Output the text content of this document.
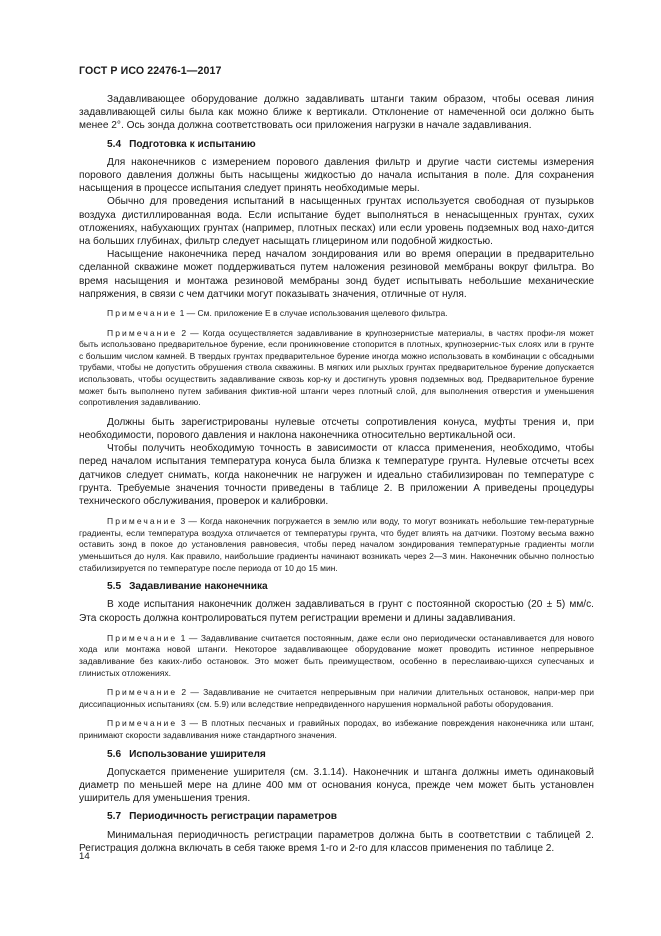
ГОСТ Р ИСО 22476-1—2017

Задавливающее оборудование должно задавливать штанги таким образом, чтобы осевая линия задавливающей силы была как можно ближе к вертикали. Отклонение от намеченной оси должно быть менее 2°. Ось зонда должна соответствовать оси приложения нагрузки в начале задавливания.

5.4 Подготовка к испытанию

Для наконечников с измерением порового давления фильтр и другие части системы измерения порового давления должны быть насыщены жидкостью до начала испытания в поле. Для сохранения насыщения в процессе испытания следует принять необходимые меры.

Обычно для проведения испытаний в насыщенных грунтах используется свободная от пузырьков воздуха дистиллированная вода. Если испытание будет выполняться в ненасыщенных грунтах, сухих отложениях, набухающих грунтах (например, плотных песках) или если уровень подземных вод нахо-дится на больших глубинах, фильтр следует насыщать глицерином или подобной жидкостью.

Насыщение наконечника перед началом зондирования или во время операции в предварительно сделанной скважине может поддерживаться путем наложения резиновой мембраны вокруг фильтра. Во время насыщения и монтажа резиновой мембраны зонд будет испытывать небольшие механические напряжения, в связи с чем датчики могут показывать значения, отличные от нуля.

Примечание 1 — См. приложение E в случае использования щелевого фильтра.

Примечание 2 — Когда осуществляется задавливание в крупнозернистые материалы, в частях профи-ля может быть использовано предварительное бурение, если проникновение стопорится в плотных, крупнозернис-тых слоях или в грунте с большим числом камней. В твердых грунтах предварительное бурение иногда можно использовать в комбинации с обсадными трубами, чтобы не допустить обрушения ствола скважины. В мягких или рыхлых грунтах предварительное бурение допускается использовать, чтобы осуществить задавливание сквозь кор-ку и достигнуть уровня подземных вод. Предварительное бурение может быть выполнено путем забивания фиктив-ной штанги через плотный слой, для выполнения отверстия и уменьшения сопротивления задавливанию.

Должны быть зарегистрированы нулевые отсчеты сопротивления конуса, муфты трения и, при необходимости, порового давления и наклона наконечника относительно вертикальной оси.

Чтобы получить необходимую точность в зависимости от класса применения, необходимо, чтобы перед началом испытания температура конуса была близка к температуре грунта. Нулевые отсчеты всех датчиков следует снимать, когда наконечник не нагружен и идеально стабилизирован по температуре с грунта. Требуемые значения точности приведены в таблице 2. В приложении A приведены процедуры технического обслуживания, проверок и калибровки.

Примечание 3 — Когда наконечник погружается в землю или воду, то могут возникать небольшие тем-пературные градиенты, если температура воздуха отличается от температуры грунта, что будет влиять на датчики. Поэтому весьма важно оставить зонд в покое до установления равновесия, чтобы перед началом зондирования температурные градиенты могли уменьшиться до нуля. Как правило, наибольшие градиенты начинают возникать через 2—3 мин. Наконечник обычно полностью стабилизируется по температуре после периода от 10 до 15 мин.

5.5 Задавливание наконечника

В ходе испытания наконечник должен задавливаться в грунт с постоянной скоростью (20 ± 5) мм/с. Эта скорость должна контролироваться путем регистрации времени и длины задавливания.

Примечание 1 — Задавливание считается постоянным, даже если оно периодически останавливается для нового хода или монтажа новой штанги. Некоторое задавливающее оборудование может проводить истинное непрерывное задавливание без каких-либо остановок. Это может быть преимуществом, особенно в переслаиваю-щихся супесчаных и глинистых отложениях.

Примечание 2 — Задавливание не считается непрерывным при наличии длительных остановок, напри-мер при диссипационных испытаниях (см. 5.9) или вследствие непредвиденного нарушения нормальной работы оборудования.

Примечание 3 — В плотных песчаных и гравийных породах, во избежание повреждения наконечника или штанг, принимают скорости задавливания ниже стандартного значения.

5.6 Использование уширителя

Допускается применение уширителя (см. 3.1.14). Наконечник и штанга должны иметь одинаковый диаметр по меньшей мере на длине 400 мм от основания конуса, прежде чем может быть установлен уширитель для уменьшения трения.

5.7 Периодичность регистрации параметров

Минимальная периодичность регистрации параметров должна быть в соответствии с таблицей 2. Регистрация должна включать в себя также время 1-го и 2-го для классов применения по таблице 2.

14
